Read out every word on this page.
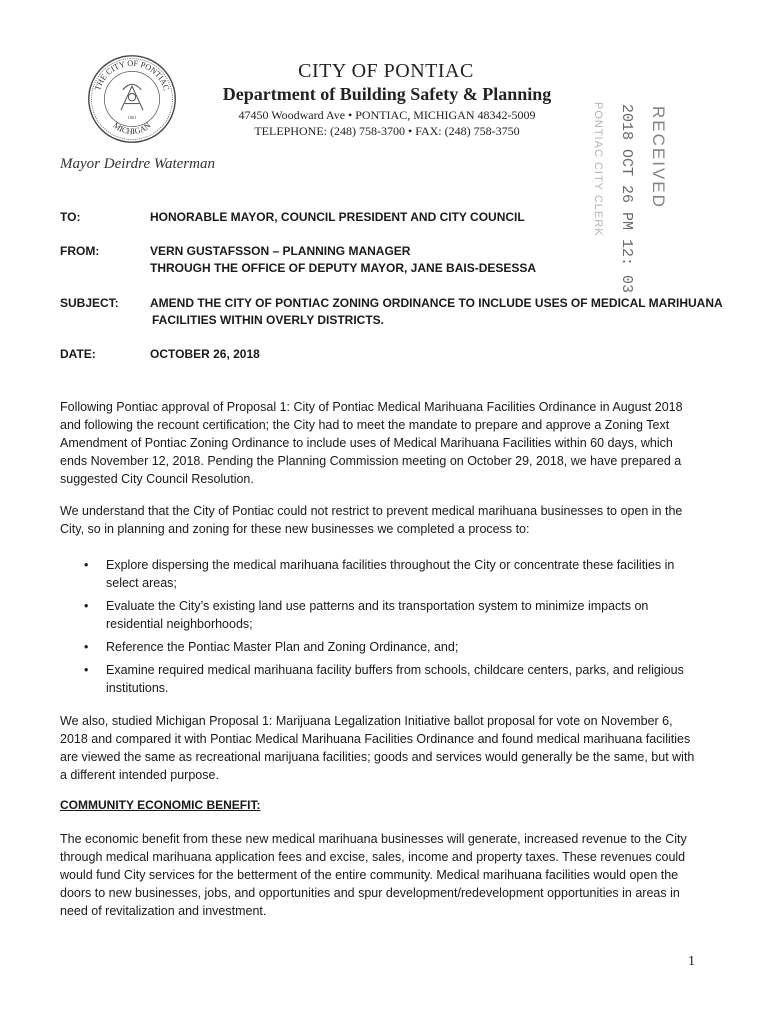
THE CITY OF PONTIAC
MICHIGAN
1861
CITY OF PONTIAC
Department of Building Safety & Planning
47450 Woodward Ave • PONTIAC, MICHIGAN 48342-5009
TELEPHONE: (248) 758-3700 • FAX: (248) 758-3750
Mayor Deirdre Waterman	RECEIVED
2018 OCT 26 PM 12: 03
PONTIAC CITY CLERK
TO:	HONORABLE MAYOR, COUNCIL PRESIDENT AND CITY COUNCIL
FROM:	VERN GUSTAFSSON – PLANNING MANAGER
THROUGH THE OFFICE OF DEPUTY MAYOR, JANE BAIS-DESESSA
SUBJECT:	AMEND THE CITY OF PONTIAC ZONING ORDINANCE TO INCLUDE USES OF MEDICAL MARIHUANA
FACILITIES WITHIN OVERLY DISTRICTS.
DATE:	OCTOBER 26, 2018
Following Pontiac approval of Proposal 1: City of Pontiac Medical Marihuana Facilities Ordinance in August 2018 and following the recount certification; the City had to meet the mandate to prepare and approve a Zoning Text Amendment of Pontiac Zoning Ordinance to include uses of Medical Marihuana Facilities within 60 days, which ends November 12, 2018. Pending the Planning Commission meeting on October 29, 2018, we have prepared a suggested City Council Resolution.
We understand that the City of Pontiac could not restrict to prevent medical marihuana businesses to open in the City, so in planning and zoning for these new businesses we completed a process to:
• Explore dispersing the medical marihuana facilities throughout the City or concentrate these facilities in select areas;
• Evaluate the City’s existing land use patterns and its transportation system to minimize impacts on residential neighborhoods;
• Reference the Pontiac Master Plan and Zoning Ordinance, and;
• Examine required medical marihuana facility buffers from schools, childcare centers, parks, and religious institutions.
We also, studied Michigan Proposal 1: Marijuana Legalization Initiative ballot proposal for vote on November 6, 2018 and compared it with Pontiac Medical Marihuana Facilities Ordinance and found medical marihuana facilities are viewed the same as recreational marijuana facilities; goods and services would generally be the same, but with a different intended purpose.
COMMUNITY ECONOMIC BENEFIT:
The economic benefit from these new medical marihuana businesses will generate, increased revenue to the City through medical marihuana application fees and excise, sales, income and property taxes. These revenues could would fund City services for the betterment of the entire community. Medical marihuana facilities would open the doors to new businesses, jobs, and opportunities and spur development/redevelopment opportunities in areas in need of revitalization and investment.
1
